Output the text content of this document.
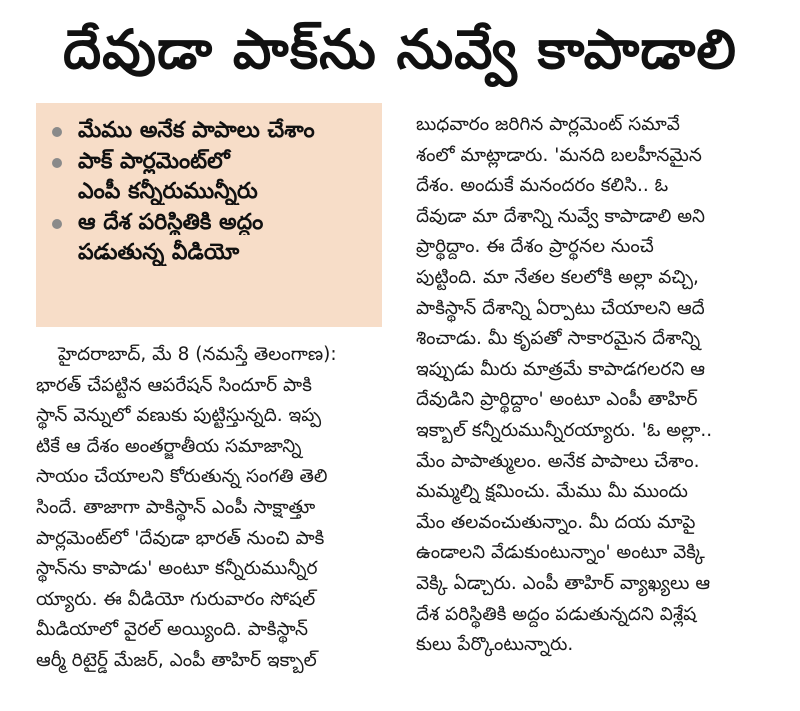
దేవుడా పాక్‌ను నువ్వే కాపాడాలి
మేము అనేక పాపాలు చేశాం
పాక్ పార్లమెంట్‌లో
ఎంపీ కన్నీరుమున్నీరు
ఆ దేశ పరిస్థితికి అద్దం
పడుతున్న వీడియో
హైదరాబాద్, మే 8 (నమస్తే తెలంగాణ):
భారత్ చేపట్టిన ఆపరేషన్ సిందూర్ పాకి
స్థాన్ వెన్నులో వణుకు పుట్టిస్తున్నది. ఇప్ప
టికే ఆ దేశం అంతర్జాతీయ సమాజాన్ని
సాయం చేయాలని కోరుతున్న సంగతి తెలి
సిందే. తాజాగా పాకిస్థాన్ ఎంపీ సాక్షాత్తూ
పార్లమెంట్‌లో 'దేవుడా భారత్ నుంచి పాకి
స్థాన్‌ను కాపాడు' అంటూ కన్నీరుమున్నీర
య్యారు. ఈ వీడియో గురువారం సోషల్
మీడియాలో వైరల్ అయ్యింది. పాకిస్థాన్
ఆర్మీ రిటైర్డ్ మేజర్, ఎంపీ తాహిర్ ఇక్బాల్
బుధవారం జరిగిన పార్లమెంట్ సమావే
శంలో మాట్లాడారు. 'మనది బలహీనమైన
దేశం. అందుకే మనందరం కలిసి.. ఓ
దేవుడా మా దేశాన్ని నువ్వే కాపాడాలి అని
ప్రార్థిద్దాం. ఈ దేశం ప్రార్థనల నుంచే
పుట్టింది. మా నేతల కలలోకి అల్లా వచ్చి,
పాకిస్థాన్ దేశాన్ని ఏర్పాటు చేయాలని ఆదే
శించాడు. మీ కృపతో సాకారమైన దేశాన్ని
ఇప్పుడు మీరు మాత్రమే కాపాడగలరని ఆ
దేవుడిని ప్రార్థిద్దాం' అంటూ ఎంపీ తాహిర్
ఇక్బాల్ కన్నీరుమున్నీరయ్యారు. 'ఓ అల్లా..
మేం పాపాత్ములం. అనేక పాపాలు చేశాం.
మమ్మల్ని క్షమించు. మేము మీ ముందు
మేం తలవంచుతున్నాం. మీ దయ మాపై
ఉండాలని వేడుకుంటున్నాం' అంటూ వెక్కి
వెక్కి ఏడ్చారు. ఎంపీ తాహిర్ వ్యాఖ్యలు ఆ
దేశ పరిస్థితికి అద్దం పడుతున్నదని విశ్లేష
కులు పేర్కొంటున్నారు.
